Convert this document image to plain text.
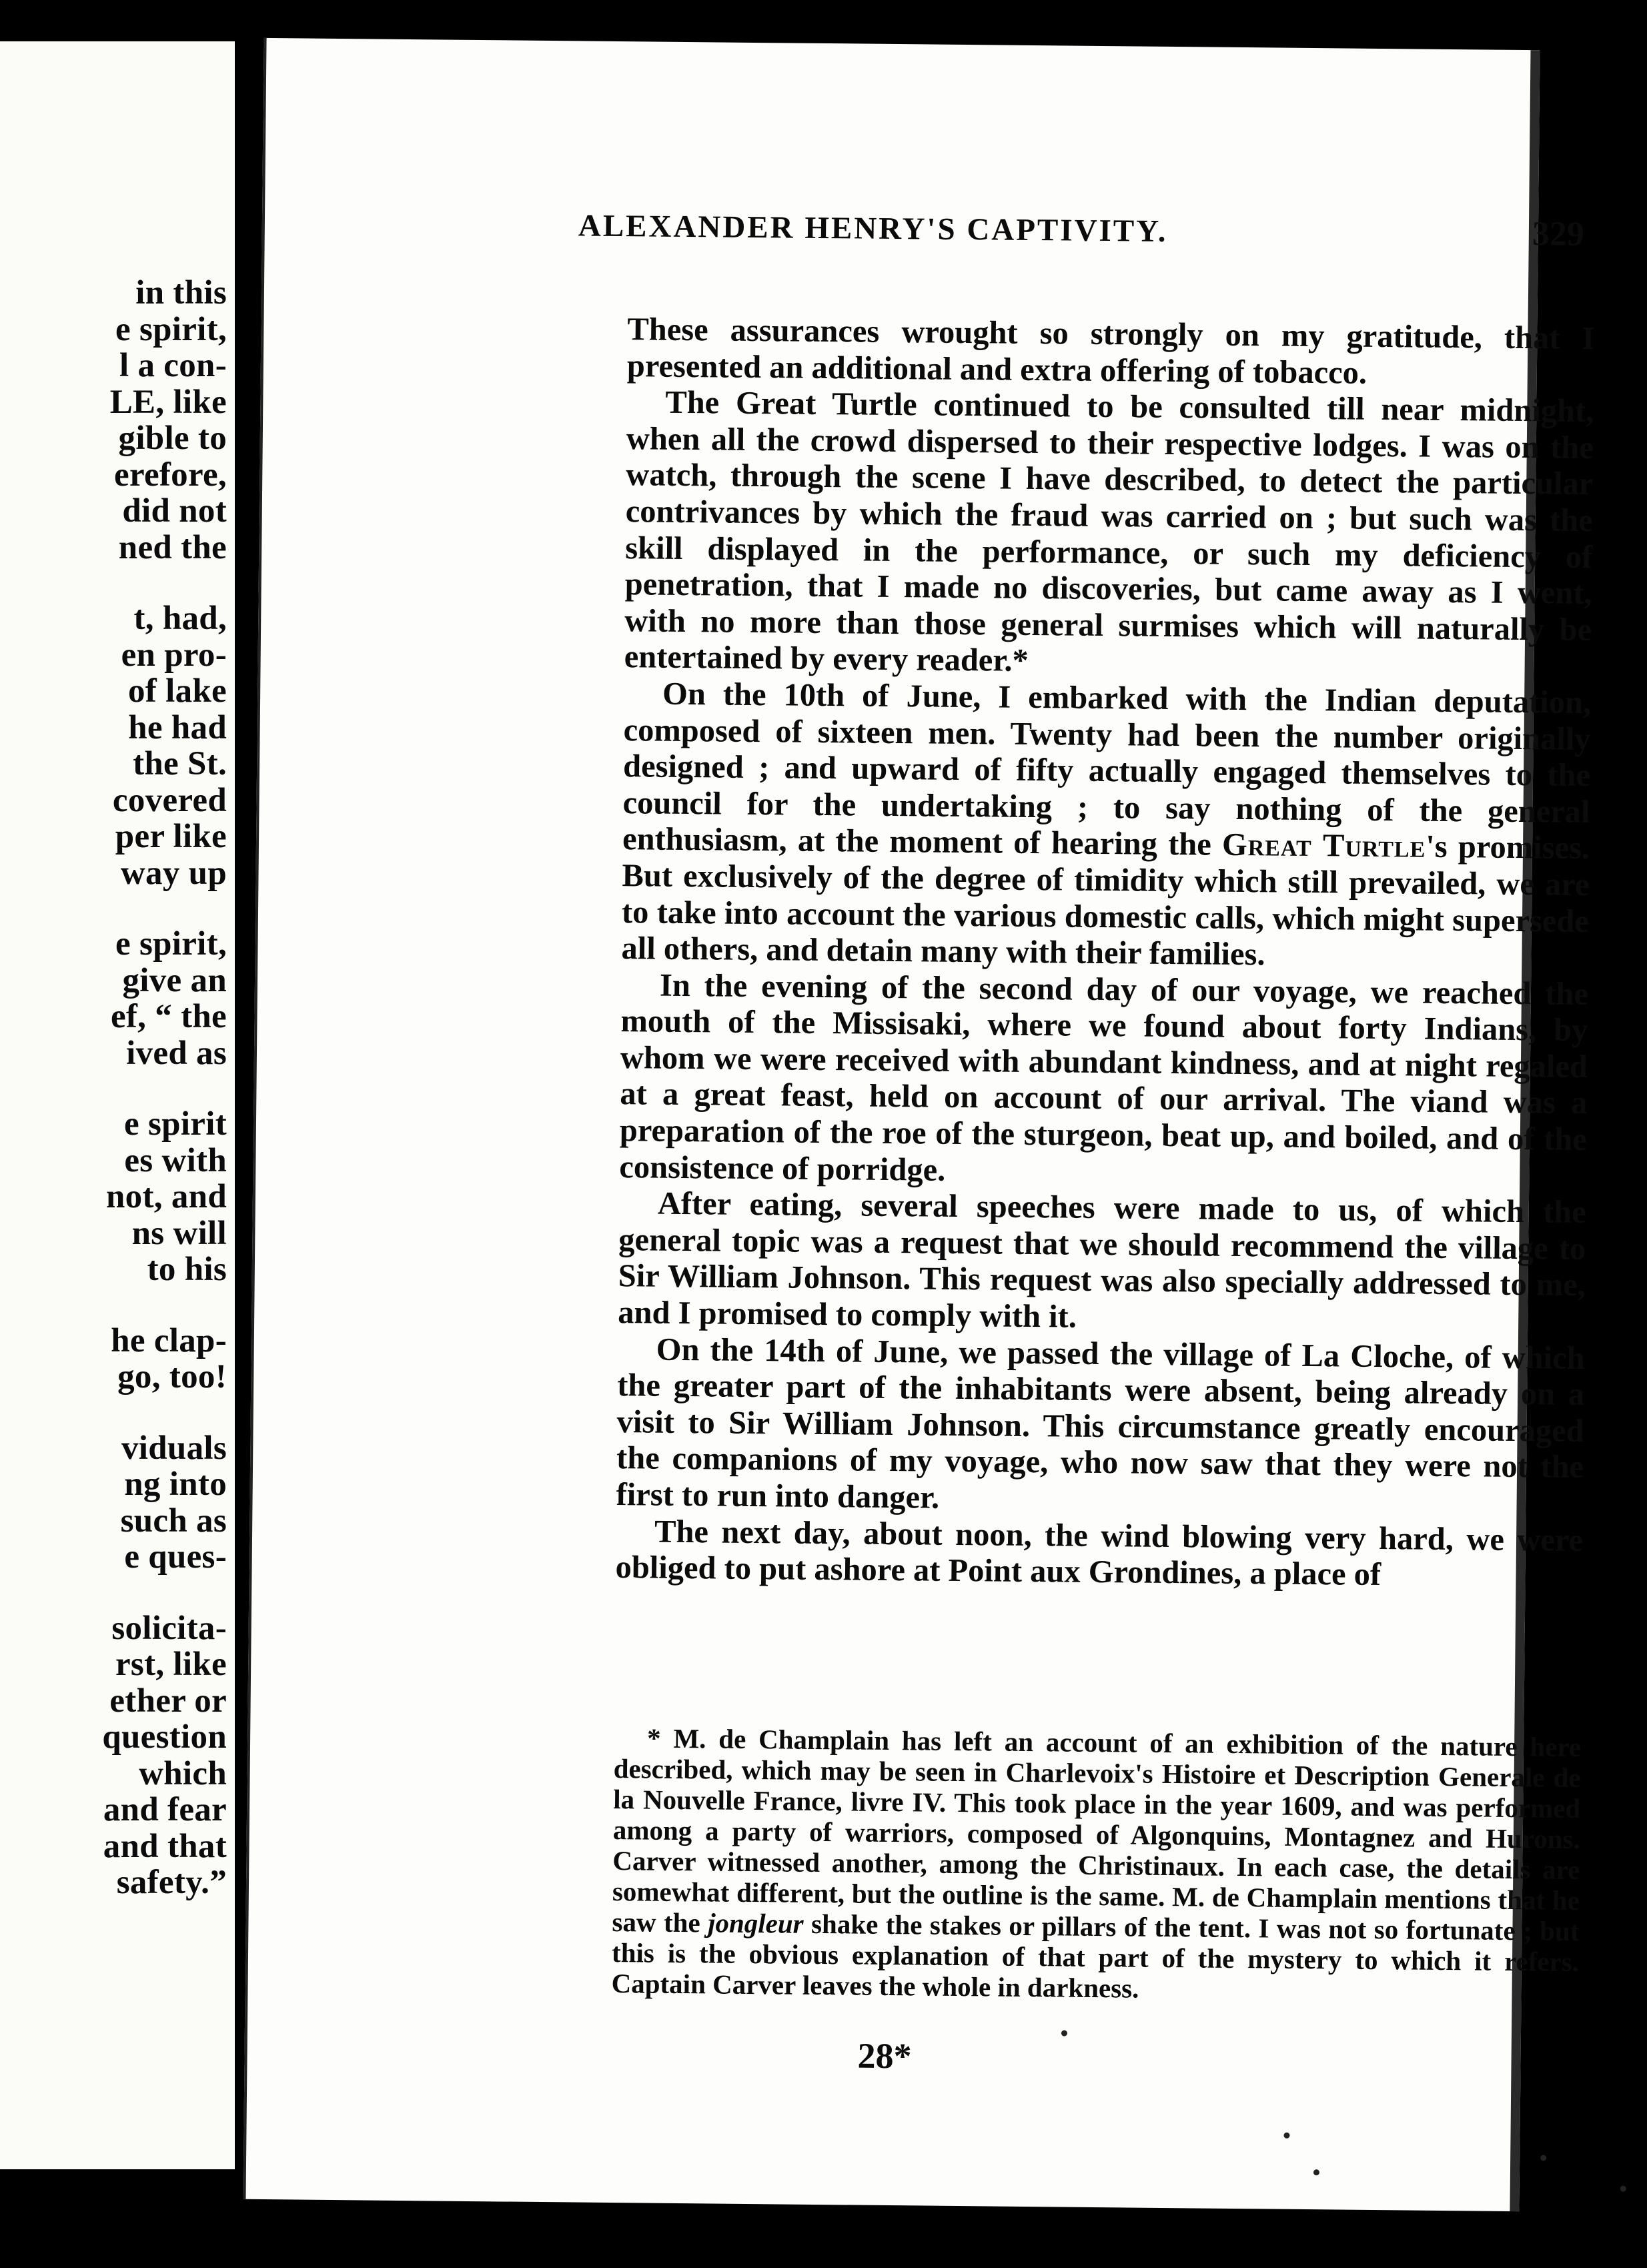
in this
e spirit,
l a con-
LE, like
gible to
erefore,
did not
ned the
t, had,
en pro-
of lake
he had
the St.
covered
per like
way up
e spirit,
give an
ef, “ the
ived as
e spirit
es with
not, and
ns will
to his
he clap-
go, too!
viduals
ng into
such as
e ques-
solicita-
rst, like
ether or
question
which
and fear
and that
safety.”
ALEXANDER HENRY'S CAPTIVITY.	329

These assurances wrought so strongly on my gratitude, that I presented an additional and extra offering of tobacco.

The Great Turtle continued to be consulted till near midnight, when all the crowd dispersed to their respective lodges. I was on the watch, through the scene I have described, to detect the particular contrivances by which the fraud was carried on ; but such was the skill displayed in the performance, or such my deficiency of penetration, that I made no discoveries, but came away as I went, with no more than those general surmises which will naturally be entertained by every reader.*

On the 10th of June, I embarked with the Indian deputation, composed of sixteen men. Twenty had been the number originally designed ; and upward of fifty actually engaged themselves to the council for the undertaking ; to say nothing of the general enthusiasm, at the moment of hearing the Great Turtle's promises. But exclusively of the degree of timidity which still prevailed, we are to take into account the various domestic calls, which might supersede all others, and detain many with their families.

In the evening of the second day of our voyage, we reached the mouth of the Missisaki, where we found about forty Indians, by whom we were received with abundant kindness, and at night regaled at a great feast, held on account of our arrival. The viand was a preparation of the roe of the sturgeon, beat up, and boiled, and of the consistence of porridge.

After eating, several speeches were made to us, of which the general topic was a request that we should recommend the village to Sir William Johnson. This request was also specially addressed to me, and I promised to comply with it.

On the 14th of June, we passed the village of La Cloche, of which the greater part of the inhabitants were absent, being already on a visit to Sir William Johnson. This circumstance greatly encouraged the companions of my voyage, who now saw that they were not the first to run into danger.

The next day, about noon, the wind blowing very hard, we were obliged to put ashore at Point aux Grondines, a place of

* M. de Champlain has left an account of an exhibition of the nature here described, which may be seen in Charlevoix's Histoire et Description Generale de la Nouvelle France, livre IV. This took place in the year 1609, and was performed among a party of warriors, composed of Algonquins, Montagnez and Hurons. Carver witnessed another, among the Christinaux. In each case, the details are somewhat different, but the outline is the same. M. de Champlain mentions that he saw the jongleur shake the stakes or pillars of the tent. I was not so fortunate ; but this is the obvious explanation of that part of the mystery to which it refers. Captain Carver leaves the whole in darkness.
28*
